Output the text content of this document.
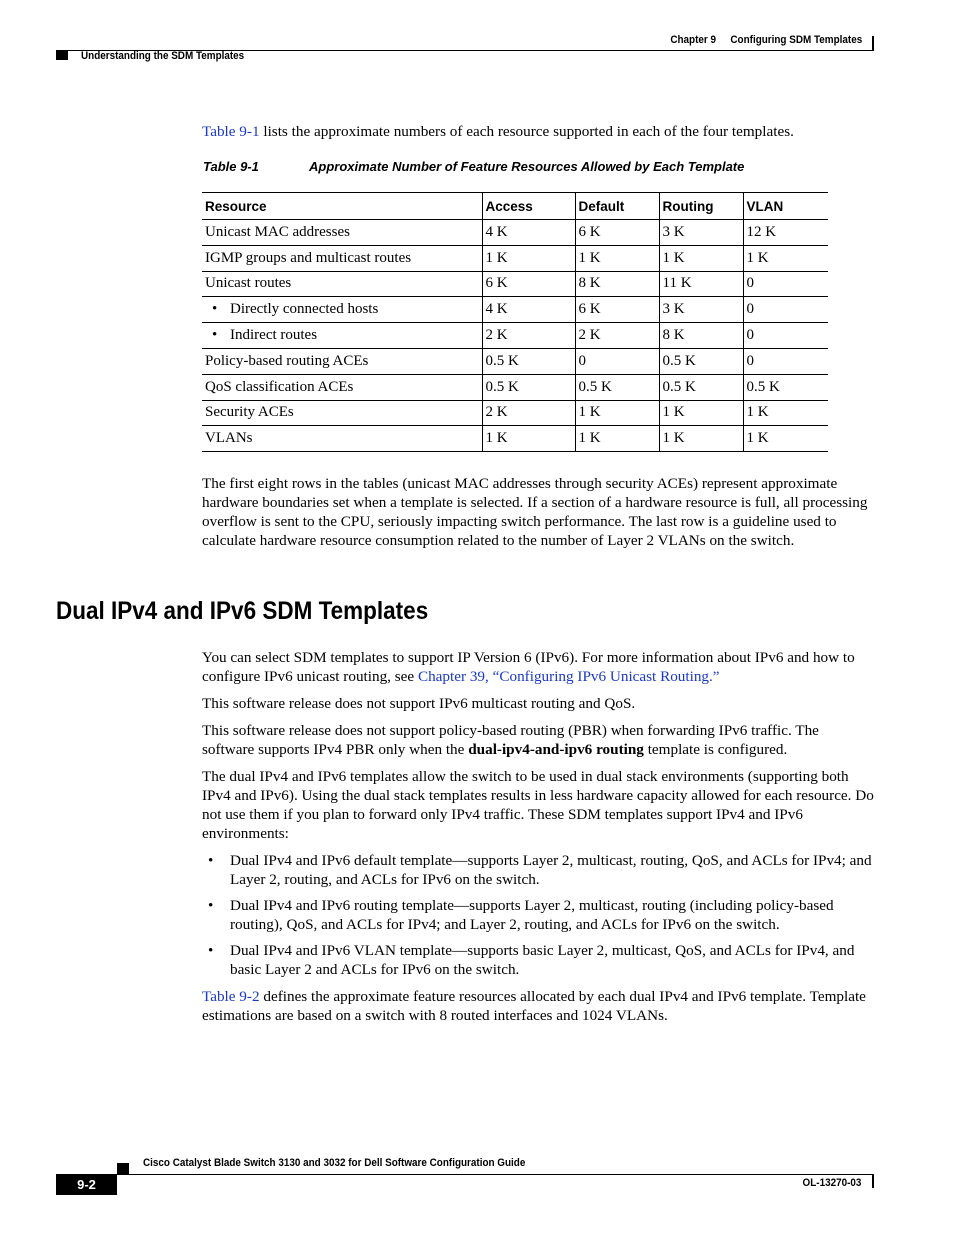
Chapter 9 Configuring SDM Templates
Understanding the SDM Templates

Table 9-1 lists the approximate numbers of each resource supported in each of the four templates.

Table 9-1	Approximate Number of Feature Resources Allowed by Each Template
Resource	Access	Default	Routing	VLAN
Unicast MAC addresses	4 K	6 K	3 K	12 K
IGMP groups and multicast routes	1 K	1 K	1 K	1 K
Unicast routes	6 K	8 K	11 K	0
• Directly connected hosts	4 K	6 K	3 K	0
• Indirect routes	2 K	2 K	8 K	0
Policy-based routing ACEs	0.5 K	0	0.5 K	0
QoS classification ACEs	0.5 K	0.5 K	0.5 K	0.5 K
Security ACEs	2 K	1 K	1 K	1 K
VLANs	1 K	1 K	1 K	1 K

The first eight rows in the tables (unicast MAC addresses through security ACEs) represent approximate hardware boundaries set when a template is selected. If a section of a hardware resource is full, all processing overflow is sent to the CPU, seriously impacting switch performance. The last row is a guideline used to calculate hardware resource consumption related to the number of Layer 2 VLANs on the switch.

Dual IPv4 and IPv6 SDM Templates

You can select SDM templates to support IP Version 6 (IPv6). For more information about IPv6 and how to configure IPv6 unicast routing, see Chapter 39, “Configuring IPv6 Unicast Routing.”

This software release does not support IPv6 multicast routing and QoS.

This software release does not support policy-based routing (PBR) when forwarding IPv6 traffic. The software supports IPv4 PBR only when the dual-ipv4-and-ipv6 routing template is configured.

The dual IPv4 and IPv6 templates allow the switch to be used in dual stack environments (supporting both IPv4 and IPv6). Using the dual stack templates results in less hardware capacity allowed for each resource. Do not use them if you plan to forward only IPv4 traffic. These SDM templates support IPv4 and IPv6 environments:

• Dual IPv4 and IPv6 default template—supports Layer 2, multicast, routing, QoS, and ACLs for IPv4; and Layer 2, routing, and ACLs for IPv6 on the switch.
• Dual IPv4 and IPv6 routing template—supports Layer 2, multicast, routing (including policy-based routing), QoS, and ACLs for IPv4; and Layer 2, routing, and ACLs for IPv6 on the switch.
• Dual IPv4 and IPv6 VLAN template—supports basic Layer 2, multicast, QoS, and ACLs for IPv4, and basic Layer 2 and ACLs for IPv6 on the switch.

Table 9-2 defines the approximate feature resources allocated by each dual IPv4 and IPv6 template. Template estimations are based on a switch with 8 routed interfaces and 1024 VLANs.

Cisco Catalyst Blade Switch 3130 and 3032 for Dell Software Configuration Guide
9-2	OL-13270-03
